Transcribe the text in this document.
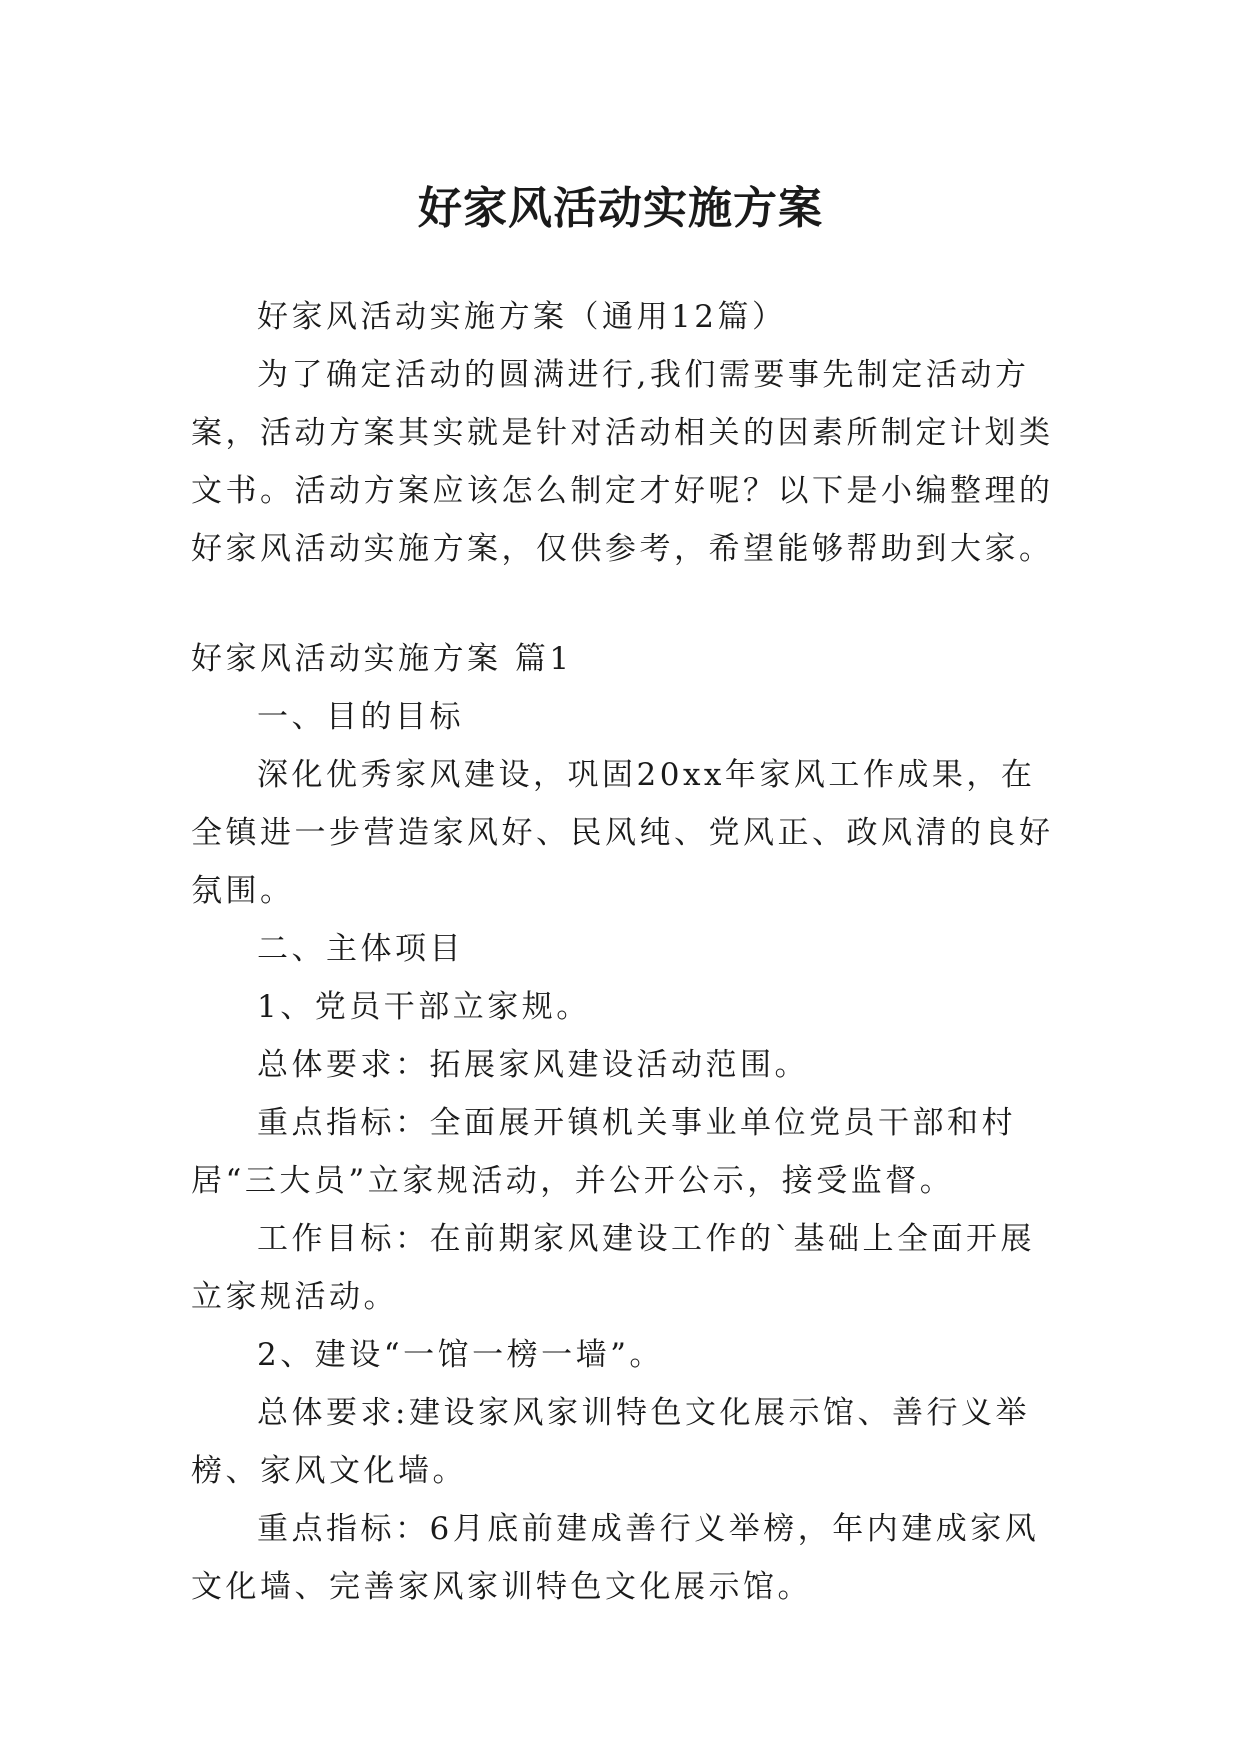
好家风活动实施方案

好家风活动实施方案（通用12篇）

为了确定活动的圆满进行,我们需要事先制定活动方案，活动方案其实就是针对活动相关的因素所制定计划类文书。活动方案应该怎么制定才好呢？以下是小编整理的好家风活动实施方案，仅供参考，希望能够帮助到大家。

好家风活动实施方案 篇1

一、目的目标

深化优秀家风建设，巩固20xx年家风工作成果，在全镇进一步营造家风好、民风纯、党风正、政风清的良好氛围。

二、主体项目

1、党员干部立家规。

总体要求：拓展家风建设活动范围。

重点指标：全面展开镇机关事业单位党员干部和村居“三大员”立家规活动，并公开公示，接受监督。

工作目标：在前期家风建设工作的`基础上全面开展立家规活动。

2、建设“一馆一榜一墙”。

总体要求:建设家风家训特色文化展示馆、善行义举榜、家风文化墙。

重点指标：6月底前建成善行义举榜，年内建成家风文化墙、完善家风家训特色文化展示馆。
